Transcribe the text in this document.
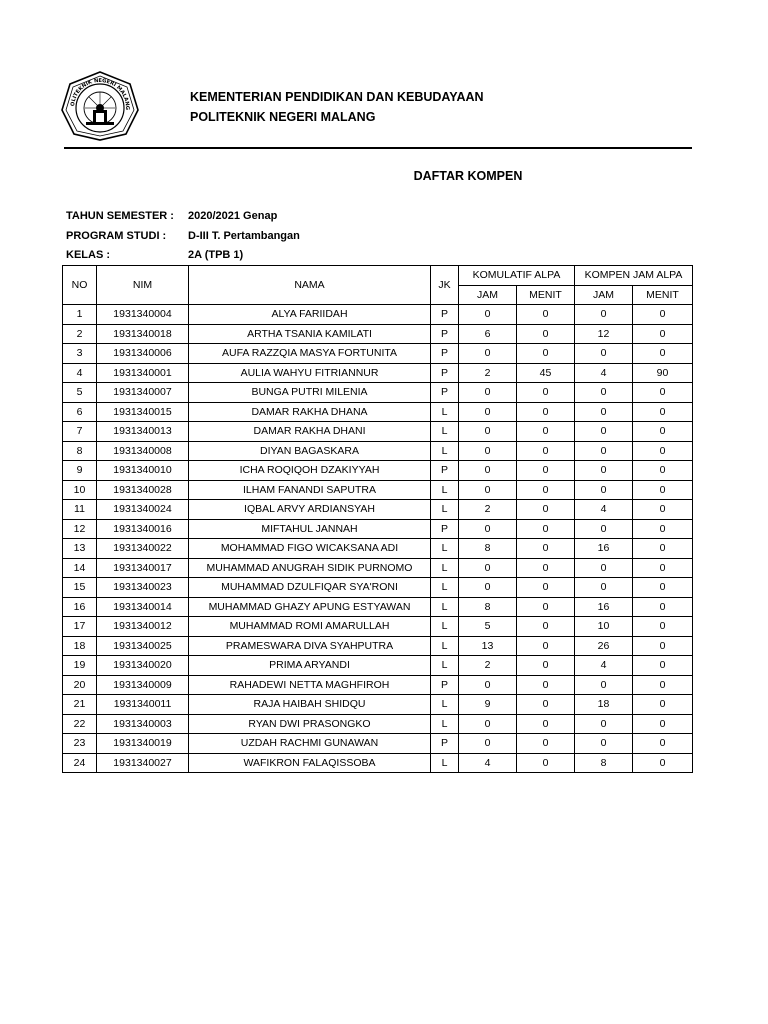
OLITEKNIK NEGERI MALANG
KEMENTERIAN PENDIDIKAN DAN KEBUDAYAAN
POLITEKNIK NEGERI MALANG
DAFTAR KOMPEN
TAHUN SEMESTER : 2020/2021 Genap
PROGRAM STUDI : D-III T. Pertambangan
KELAS :	2A (TPB 1)
NO	NIM	NAMA	JK	KOMULATIF ALPA		KOMPEN JAM ALPA	
				JAM	MENIT	JAM	MENIT
1	1931340004	ALYA FARIIDAH	P	0	0	0	0
2	1931340018	ARTHA TSANIA KAMILATI	P	6	0	12	0
3	1931340006	AUFA RAZZQIA MASYA FORTUNITA	P	0	0	0	0
4	1931340001	AULIA WAHYU FITRIANNUR	P	2	45	4	90
5	1931340007	BUNGA PUTRI MILENIA	P	0	0	0	0
6	1931340015	DAMAR RAKHA DHANA	L	0	0	0	0
7	1931340013	DAMAR RAKHA DHANI	L	0	0	0	0
8	1931340008	DIYAN BAGASKARA	L	0	0	0	0
9	1931340010	ICHA ROQIQOH DZAKIYYAH	P	0	0	0	0
10	1931340028	ILHAM FANANDI SAPUTRA	L	0	0	0	0
11	1931340024	IQBAL ARVY ARDIANSYAH	L	2	0	4	0
12	1931340016	MIFTAHUL JANNAH	P	0	0	0	0
13	1931340022	MOHAMMAD FIGO WICAKSANA ADI	L	8	0	16	0
14	1931340017	MUHAMMAD ANUGRAH SIDIK PURNOMO	L	0	0	0	0
15	1931340023	MUHAMMAD DZULFIQAR SYA'RONI	L	0	0	0	0
16	1931340014	MUHAMMAD GHAZY APUNG ESTYAWAN	L	8	0	16	0
17	1931340012	MUHAMMAD ROMI AMARULLAH	L	5	0	10	0
18	1931340025	PRAMESWARA DIVA SYAHPUTRA	L	13	0	26	0
19	1931340020	PRIMA ARYANDI	L	2	0	4	0
20	1931340009	RAHADEWI NETTA MAGHFIROH	P	0	0	0	0
21	1931340011	RAJA HAIBAH SHIDQU	L	9	0	18	0
22	1931340003	RYAN DWI PRASONGKO	L	0	0	0	0
23	1931340019	UZDAH RACHMI GUNAWAN	P	0	0	0	0
24	1931340027	WAFIKRON FALAQISSOBA	L	4	0	8	0
